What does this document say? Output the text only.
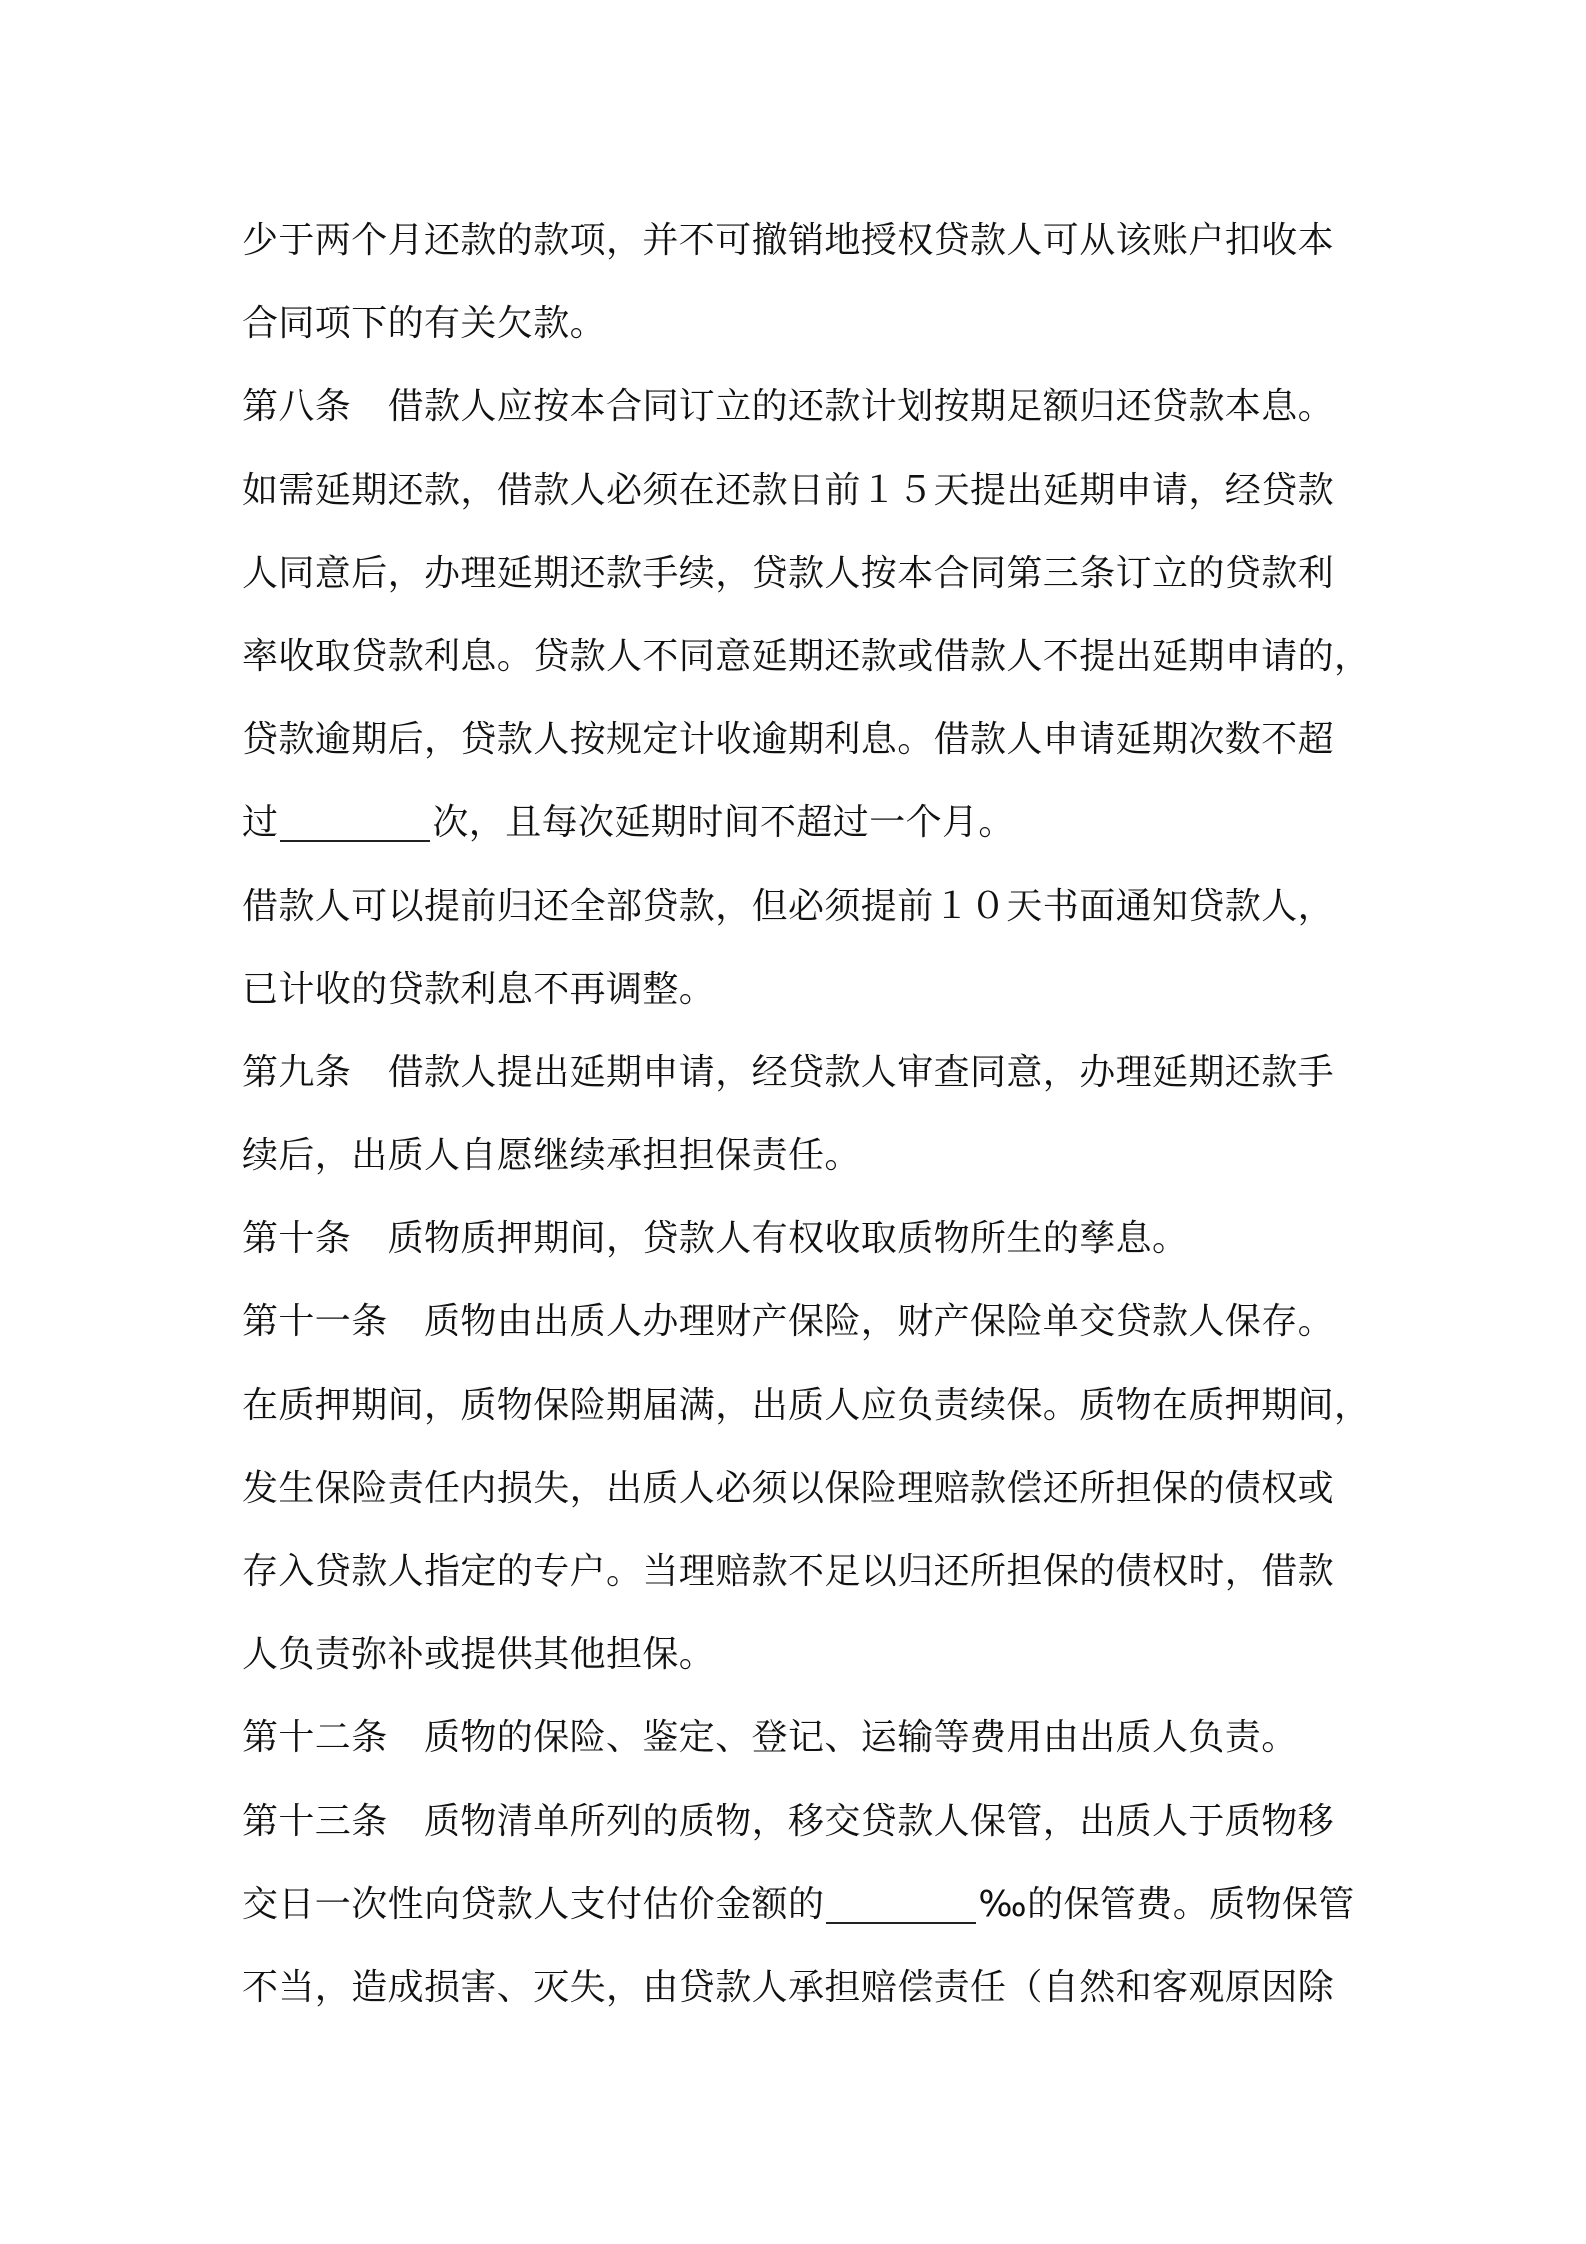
少于两个月还款的款项，并不可撤销地授权贷款人可从该账户扣收本
合同项下的有关欠款。
第八条　借款人应按本合同订立的还款计划按期足额归还贷款本息。
如需延期还款，借款人必须在还款日前１５天提出延期申请，经贷款
人同意后，办理延期还款手续，贷款人按本合同第三条订立的贷款利
率收取贷款利息。贷款人不同意延期还款或借款人不提出延期申请的，
贷款逾期后，贷款人按规定计收逾期利息。借款人申请延期次数不超
过	次，且每次延期时间不超过一个月。
借款人可以提前归还全部贷款，但必须提前１０天书面通知贷款人，
已计收的贷款利息不再调整。
第九条　借款人提出延期申请，经贷款人审查同意，办理延期还款手
续后，出质人自愿继续承担担保责任。
第十条　质物质押期间，贷款人有权收取质物所生的孳息。
第十一条　质物由出质人办理财产保险，财产保险单交贷款人保存。
在质押期间，质物保险期届满，出质人应负责续保。质物在质押期间，
发生保险责任内损失，出质人必须以保险理赔款偿还所担保的债权或
存入贷款人指定的专户。当理赔款不足以归还所担保的债权时，借款
人负责弥补或提供其他担保。
第十二条　质物的保险、鉴定、登记、运输等费用由出质人负责。
第十三条　质物清单所列的质物，移交贷款人保管，出质人于质物移
交日一次性向贷款人支付估价金额的	‰的保管费。质物保管
不当，造成损害、灭失，由贷款人承担赔偿责任（自然和客观原因除
